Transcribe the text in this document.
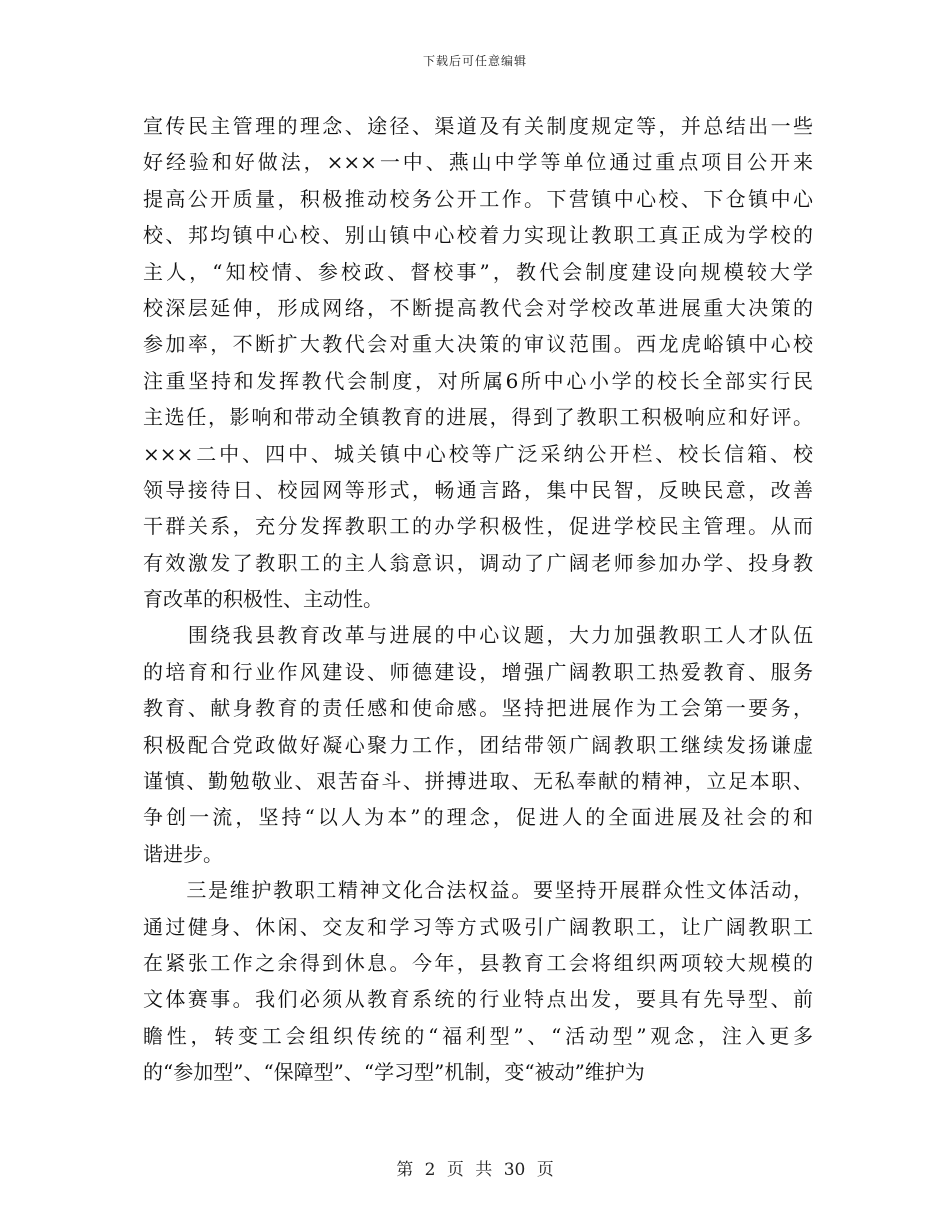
下载后可任意编辑
宣传民主管理的理念、途径、渠道及有关制度规定等，并总结出一些
好经验和好做法，×××一中、燕山中学等单位通过重点项目公开来
提高公开质量，积极推动校务公开工作。下营镇中心校、下仓镇中心
校、邦均镇中心校、别山镇中心校着力实现让教职工真正成为学校的
主人，“知校情、参校政、督校事”，教代会制度建设向规模较大学
校深层延伸，形成网络，不断提高教代会对学校改革进展重大决策的
参加率，不断扩大教代会对重大决策的审议范围。西龙虎峪镇中心校
注重坚持和发挥教代会制度，对所属6所中心小学的校长全部实行民
主选任，影响和带动全镇教育的进展，得到了教职工积极响应和好评。
×××二中、四中、城关镇中心校等广泛采纳公开栏、校长信箱、校
领导接待日、校园网等形式，畅通言路，集中民智，反映民意，改善
干群关系，充分发挥教职工的办学积极性，促进学校民主管理。从而
有效激发了教职工的主人翁意识，调动了广阔老师参加办学、投身教
育改革的积极性、主动性。
　　围绕我县教育改革与进展的中心议题，大力加强教职工人才队伍
的培育和行业作风建设、师德建设，增强广阔教职工热爱教育、服务
教育、献身教育的责任感和使命感。坚持把进展作为工会第一要务，
积极配合党政做好凝心聚力工作，团结带领广阔教职工继续发扬谦虚
谨慎、勤勉敬业、艰苦奋斗、拼搏进取、无私奉献的精神，立足本职、
争创一流，坚持“以人为本”的理念，促进人的全面进展及社会的和
谐进步。
　　三是维护教职工精神文化合法权益。要坚持开展群众性文体活动，
通过健身、休闲、交友和学习等方式吸引广阔教职工，让广阔教职工
在紧张工作之余得到休息。今年，县教育工会将组织两项较大规模的
文体赛事。我们必须从教育系统的行业特点出发，要具有先导型、前
瞻性，转变工会组织传统的“福利型”、“活动型”观念，注入更多
的“参加型”、“保障型”、“学习型”机制，变“被动”维护为
第 2 页 共 30 页
